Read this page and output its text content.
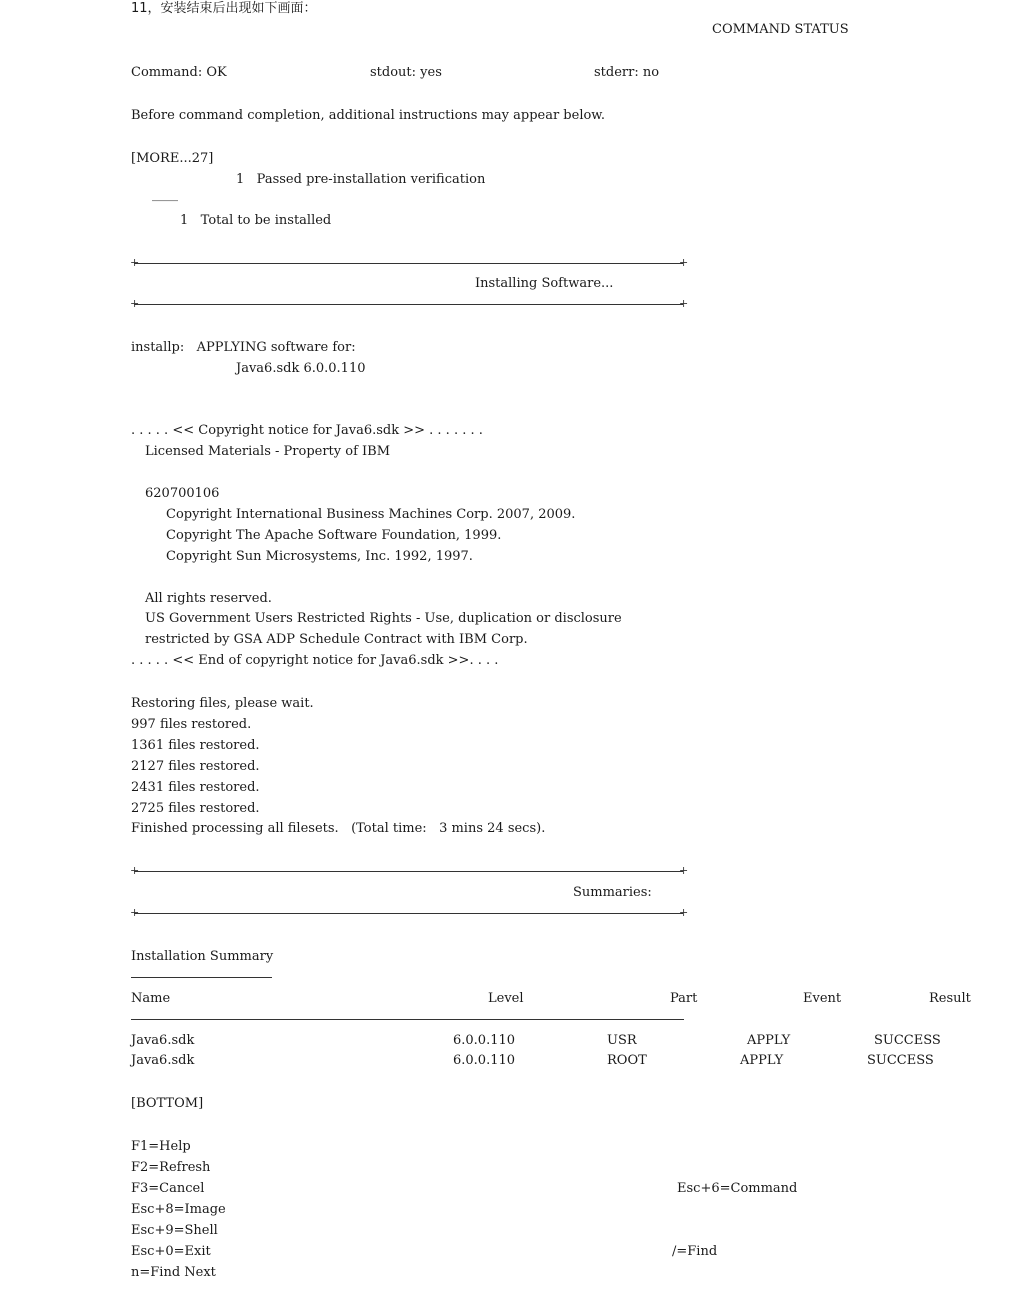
11，安装结束后出现如下画面：
COMMAND STATUS
Command: OK	stdout: yes	stderr: no
Before command completion, additional instructions may appear below.
[MORE...27]
1   Passed pre-installation verification
____
1   Total to be installed
+	+
Installing Software...
+	+
installp:   APPLYING software for:
Java6.sdk 6.0.0.110
. . . . . << Copyright notice for Java6.sdk >> . . . . . . .
Licensed Materials - Property of IBM
620700106
Copyright International Business Machines Corp. 2007, 2009.
Copyright The Apache Software Foundation, 1999.
Copyright Sun Microsystems, Inc. 1992, 1997.
All rights reserved.
US Government Users Restricted Rights - Use, duplication or disclosure
restricted by GSA ADP Schedule Contract with IBM Corp.
. . . . . << End of copyright notice for Java6.sdk >>. . . .
Restoring files, please wait.
997 files restored.
1361 files restored.
2127 files restored.
2431 files restored.
2725 files restored.
Finished processing all filesets.   (Total time:   3 mins 24 secs).
+	+
Summaries:
+	+
Installation Summary
Name	Level	Part	Event	Result
Java6.sdk	6.0.0.110	USR	APPLY	SUCCESS
Java6.sdk	6.0.0.110	ROOT	APPLY	SUCCESS
[BOTTOM]
F1=Help
F2=Refresh
F3=Cancel	Esc+6=Command
Esc+8=Image
Esc+9=Shell
Esc+0=Exit	/=Find
n=Find Next
